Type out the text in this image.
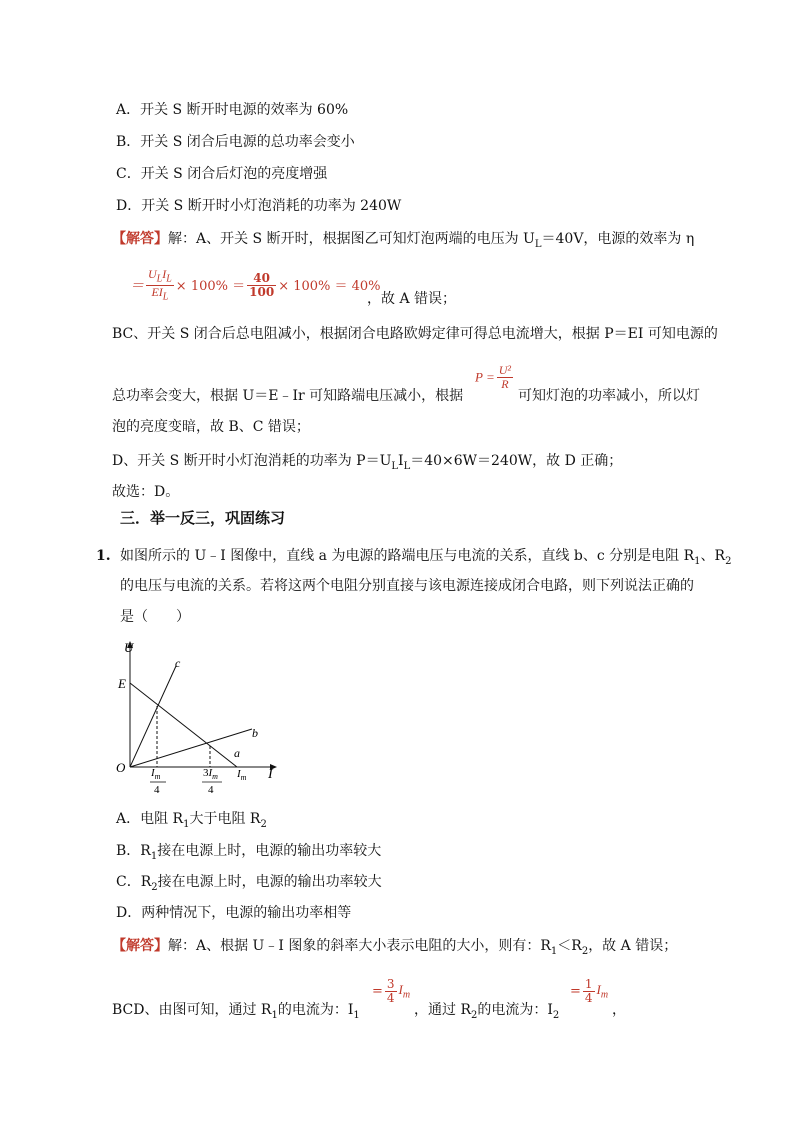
A．开关 S 断开时电源的效率为 60%
B．开关 S 闭合后电源的总功率会变小
C．开关 S 闭合后灯泡的亮度增强
D．开关 S 断开时小灯泡消耗的功率为 240W
【解答】解：A、开关 S 断开时，根据图乙可知灯泡两端的电压为 $U_L=40V$，电源的效率为 η
＝ $\frac{U_LI_L}{EI_L} \times 100\% = \frac{40}{100} \times 100\% = 40\%$
，故 A 错误；
BC、开关 S 闭合后总电阻减小，根据闭合电路欧姆定律可得总电流增大，根据 P＝EI 可知电源的
总功率会变大，根据 U＝E﹣Ir 可知路端电压减小，根据
$P = \frac{\text{U²}}{R}$
可知灯泡的功率减小，所以灯
泡的亮度变暗，故 B、C 错误；
D、开关 S 断开时小灯泡消耗的功率为 $P=U_LI_L=40\times 6W=240W$，故 D 正确；
故选：D。
三．举一反三，巩固练习
1. 如图所示的 U﹣I 图像中，直线 a 为电源的路端电压与电流的关系，直线 b、c 分别是电阻 $R_1$、$R_2$
的电压与电流的关系。若将这两个电阻分别直接与该电源连接成闭合电路，则下列说法正确的
是（　　）
U
I
E
O
c
b
a
$I_m$
$I_m$
4
$3I_m$
4
A．电阻 $R_1$大于电阻 $R_2$
B．$R_1$接在电源上时，电源的输出功率较大
C．$R_2$接在电源上时，电源的输出功率较大
D．两种情况下，电源的输出功率相等
【解答】解：A、根据 U﹣I 图象的斜率大小表示电阻的大小，则有：$R_1<R_2$，故 A 错误；
BCD、由图可知，通过 $R_1$的电流为：$I_1$
= $\frac{3}{4} I_m$
，通过 $R_2$的电流为：$I_2$
= $\frac{1}{4} I_m$
，
